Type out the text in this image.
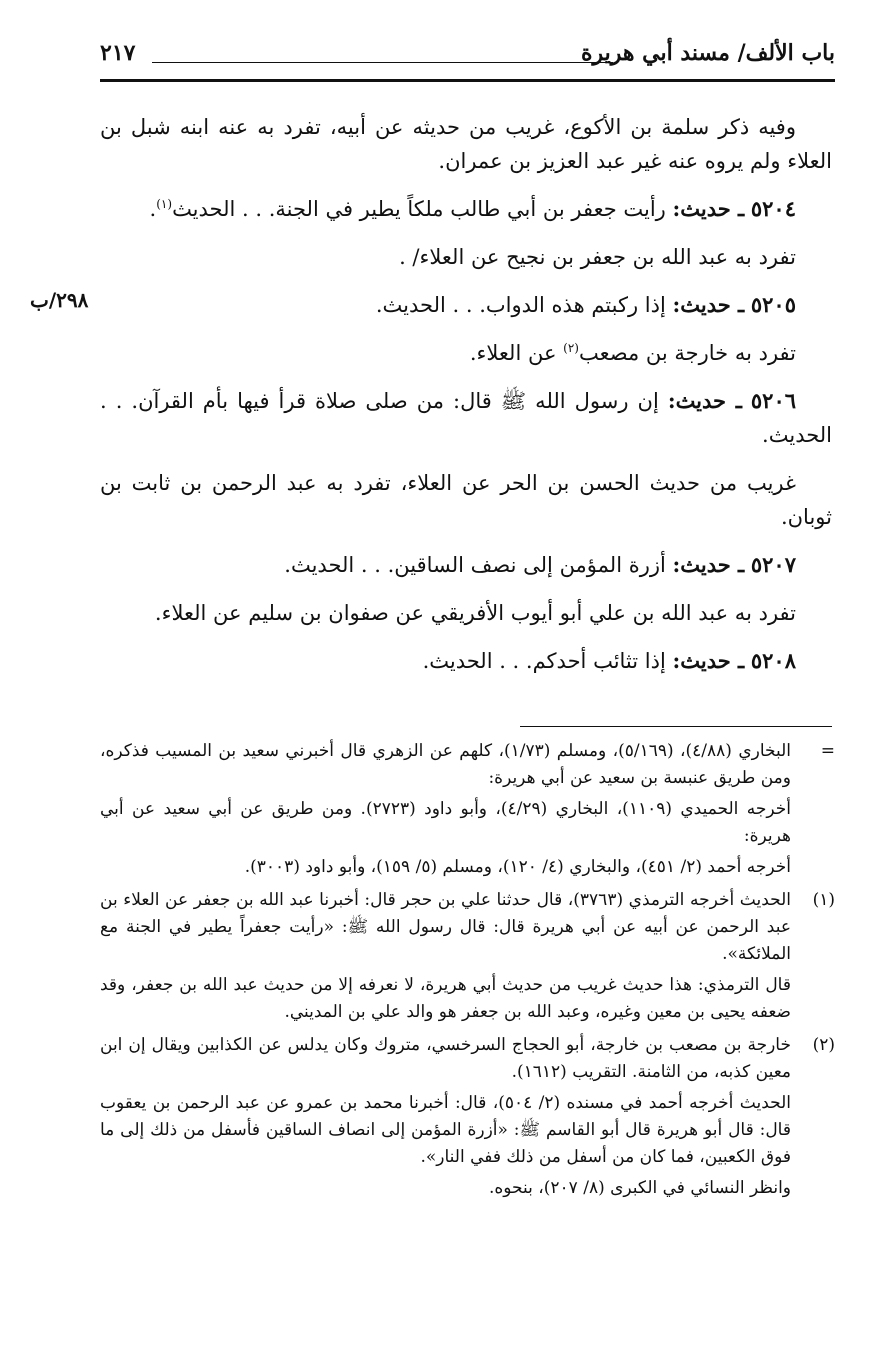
باب الألف/ مسند أبي هريرة
٢١٧
٢٩٨/ب

وفيه ذكر سلمة بن الأكوع، غريب من حديثه عن أبيه، تفرد به عنه ابنه شبل بن العلاء ولم يروه عنه غير عبد العزيز بن عمران.

٥٢٠٤ ـ حديث: رأيت جعفر بن أبي طالب ملكاً يطير في الجنة. . . الحديث$^{(١)}$.

تفرد به عبد الله بن جعفر بن نجيح عن العلاء/ .

٥٢٠٥ ـ حديث: إذا ركبتم هذه الدواب. . . الحديث.

تفرد به خارجة بن مصعب$^{(٢)}$ عن العلاء.

٥٢٠٦ ـ حديث: إن رسول الله ﷺ قال: من صلى صلاة قرأ فيها بأم القرآن. . . الحديث.

غريب من حديث الحسن بن الحر عن العلاء، تفرد به عبد الرحمن بن ثابت بن ثوبان.

٥٢٠٧ ـ حديث: أزرة المؤمن إلى نصف الساقين. . . الحديث.

تفرد به عبد الله بن علي أبو أيوب الأفريقي عن صفوان بن سليم عن العلاء.

٥٢٠٨ ـ حديث: إذا تثائب أحدكم. . . الحديث.

=

البخاري (٤/٨٨)، (٥/١٦٩)، ومسلم (١/٧٣)، كلهم عن الزهري قال أخبرني سعيد بن المسيب فذكره، ومن طريق عنبسة بن سعيد عن أبي هريرة:

أخرجه الحميدي (١١٠٩)، البخاري (٤/٢٩)، وأبو داود (٢٧٢٣). ومن طريق عن أبي سعيد عن أبي هريرة:

أخرجه أحمد (٢/ ٤٥١)، والبخاري (٤/ ١٢٠)، ومسلم (٥/ ١٥٩)، وأبو داود (٣٠٠٣).

(١)

الحديث أخرجه الترمذي (٣٧٦٣)، قال حدثنا علي بن حجر قال: أخبرنا عبد الله بن جعفر عن العلاء بن عبد الرحمن عن أبيه عن أبي هريرة قال: قال رسول الله ﷺ: «رأيت جعفراً يطير في الجنة مع الملائكة».

قال الترمذي: هذا حديث غريب من حديث أبي هريرة، لا نعرفه إلا من حديث عبد الله بن جعفر، وقد ضعفه يحيى بن معين وغيره، وعبد الله بن جعفر هو والد علي بن المديني.

(٢)

خارجة بن مصعب بن خارجة، أبو الحجاج السرخسي، متروك وكان يدلس عن الكذابين ويقال إن ابن معين كذبه، من الثامنة. التقريب (١٦١٢).

الحديث أخرجه أحمد في مسنده (٢/ ٥٠٤)، قال: أخبرنا محمد بن عمرو عن عبد الرحمن بن يعقوب قال: قال أبو هريرة قال أبو القاسم ﷺ: «أزرة المؤمن إلى انصاف الساقين فأسفل من ذلك إلى ما فوق الكعبين، فما كان من أسفل من ذلك ففي النار».

وانظر النسائي في الكبرى (٨/ ٢٠٧)، بنحوه.
